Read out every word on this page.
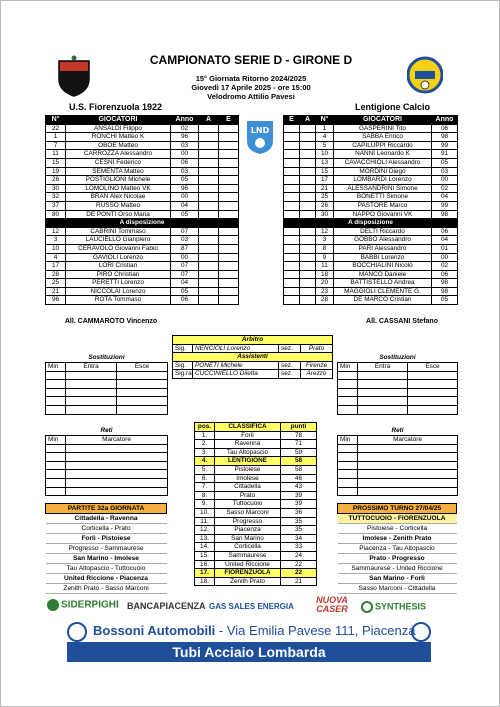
CAMPIONATO SERIE D - GIRONE D
15° Giornata Ritorno 2024/2025
Giovedì 17 Aprile 2025 - ore 15:00
Velodromo Attilio Pavesi
U.S. Fiorenzuola 1922	Lentigione Calcio
LND
N°	GIOCATORI	Anno	A	E
22	ANSALDI Filippo	02		
1	RONCHI Matteo K	96		
7	OBOE Matteo	03		
11	CARROZZA Alessandro	00		
15	CESNI Federico	06		
19	SEMENTA Matteo	03		
26	POSTIGLIONI Michele	05		
30	LOMOLINO Matteo VK	96		
32	BRAN Alex Nicolae	00		
37	RUSSO Matteo	04		
80	DE PONTI Orso Maria	05		
A disposizione				
12	CABRINI Tommaso	07		
3	LAUCIELLO Gianpiero	03		
10	CERAVOLO Giovanni Fabio	87		
4	GAVIOLI Lorenzo	00		
17	LORI Cristian	07		
28	PIRO Christian	07		
25	PERETTI Lorenzo	04		
21	NICCOLAI Lorenzo	05		
96	ROTA Tommaso	06		
All. CAMMAROTO Vincenzo
E	A	N°	GIOCATORI	Anno
		1	GASPERINI Tito	06
		4	SABBA Enrico	98
		5	CAPILUPPI Riccardo	99
		10	NANNI Leonardo K	91
		13	CAVACCHIOLI Alessandro	05
		15	MORDINI Diego	03
		17	LOMBARDI Lorenzo	00
		21	ALESSANDRINI Simone	02
		25	BONETTI Simone	04
		26	PASTORE Marco	99
		30	NAPPO Giovanni VK	98
A disposizione				
		12	DELTI Riccardo	06
		3	GOBBO Alessandro	04
		8	PARI Alessandro	01
		9	BABBI Lorenzo	00
		11	BOCCHIALINI Nicolò	02
		18	MANCO Daniele	06
		20	BATTISTELLO Andrea	98
		23	MAGGIOLI CLEMENTE G.	98
		28	DE MARCO Cristian	05
All. CASSANI Stefano
Arbitro			
Sig.	NENCIOLI Lorenzo	sez.	Prato
Assistenti			
Sig.	PONETI Michele	sez.	Firenze
Sig.ra	CUCCINIELLO Diletta	sez.	Arezzo
Sostituzioni		
Min	Entra	Esce

Sostituzioni		
Min	Entra	Esce

pos.	CLASSIFICA	punti
1.	Forlì	78
2.	Ravenna	71
3.	Tau Altopascio	59
4.	LENTIGIONE	58
5.	Pistoiese	58
6.	Imolese	46
7.	Cittadella	43
8.	Prato	39
9.	Tuttocuoio	39
10.	Sasso Marconi	36
11.	Progresso	35
12.	Piacenza	35
13.	San Marino	34
14.	Corticella	33
15.	Sammaurese	24
16.	United Riccione	22
17.	FIORENZUOLA	22
18.	Zenith Prato	21
Reti	
Min	Marcatore

Reti	
Min	Marcatore

PARTITE 32a GIORNATA
Cittadella - Ravenna
Corticella - Prato
Forlì - Pistoiese
Progresso - Sammaurese
San Marino - Imolese
Tau Altopascio - Tuttocuoio
United Riccione - Piacenza
Zenith Prato - Sasso Marconi
PROSSIMO TURNO 27/04/25
TUTTOCUOIO - FIORENZUOLA
Pistoiese - Corticella
Imolese - Zenith Prato
Piacenza - Tau Altopascio
Prato - Progresso
Sammaurese - United Riccione
San Marino - Forlì
Sasso Marconi - Cittadella
SIDERPIGHI BANCAPIACENZA GAS SALES ENERGIA
NUOVA CASER	SYNTHESIS
Bossoni Automobili - Via Emilia Pavese 111, Piacenza
Tubi Acciaio Lombarda
